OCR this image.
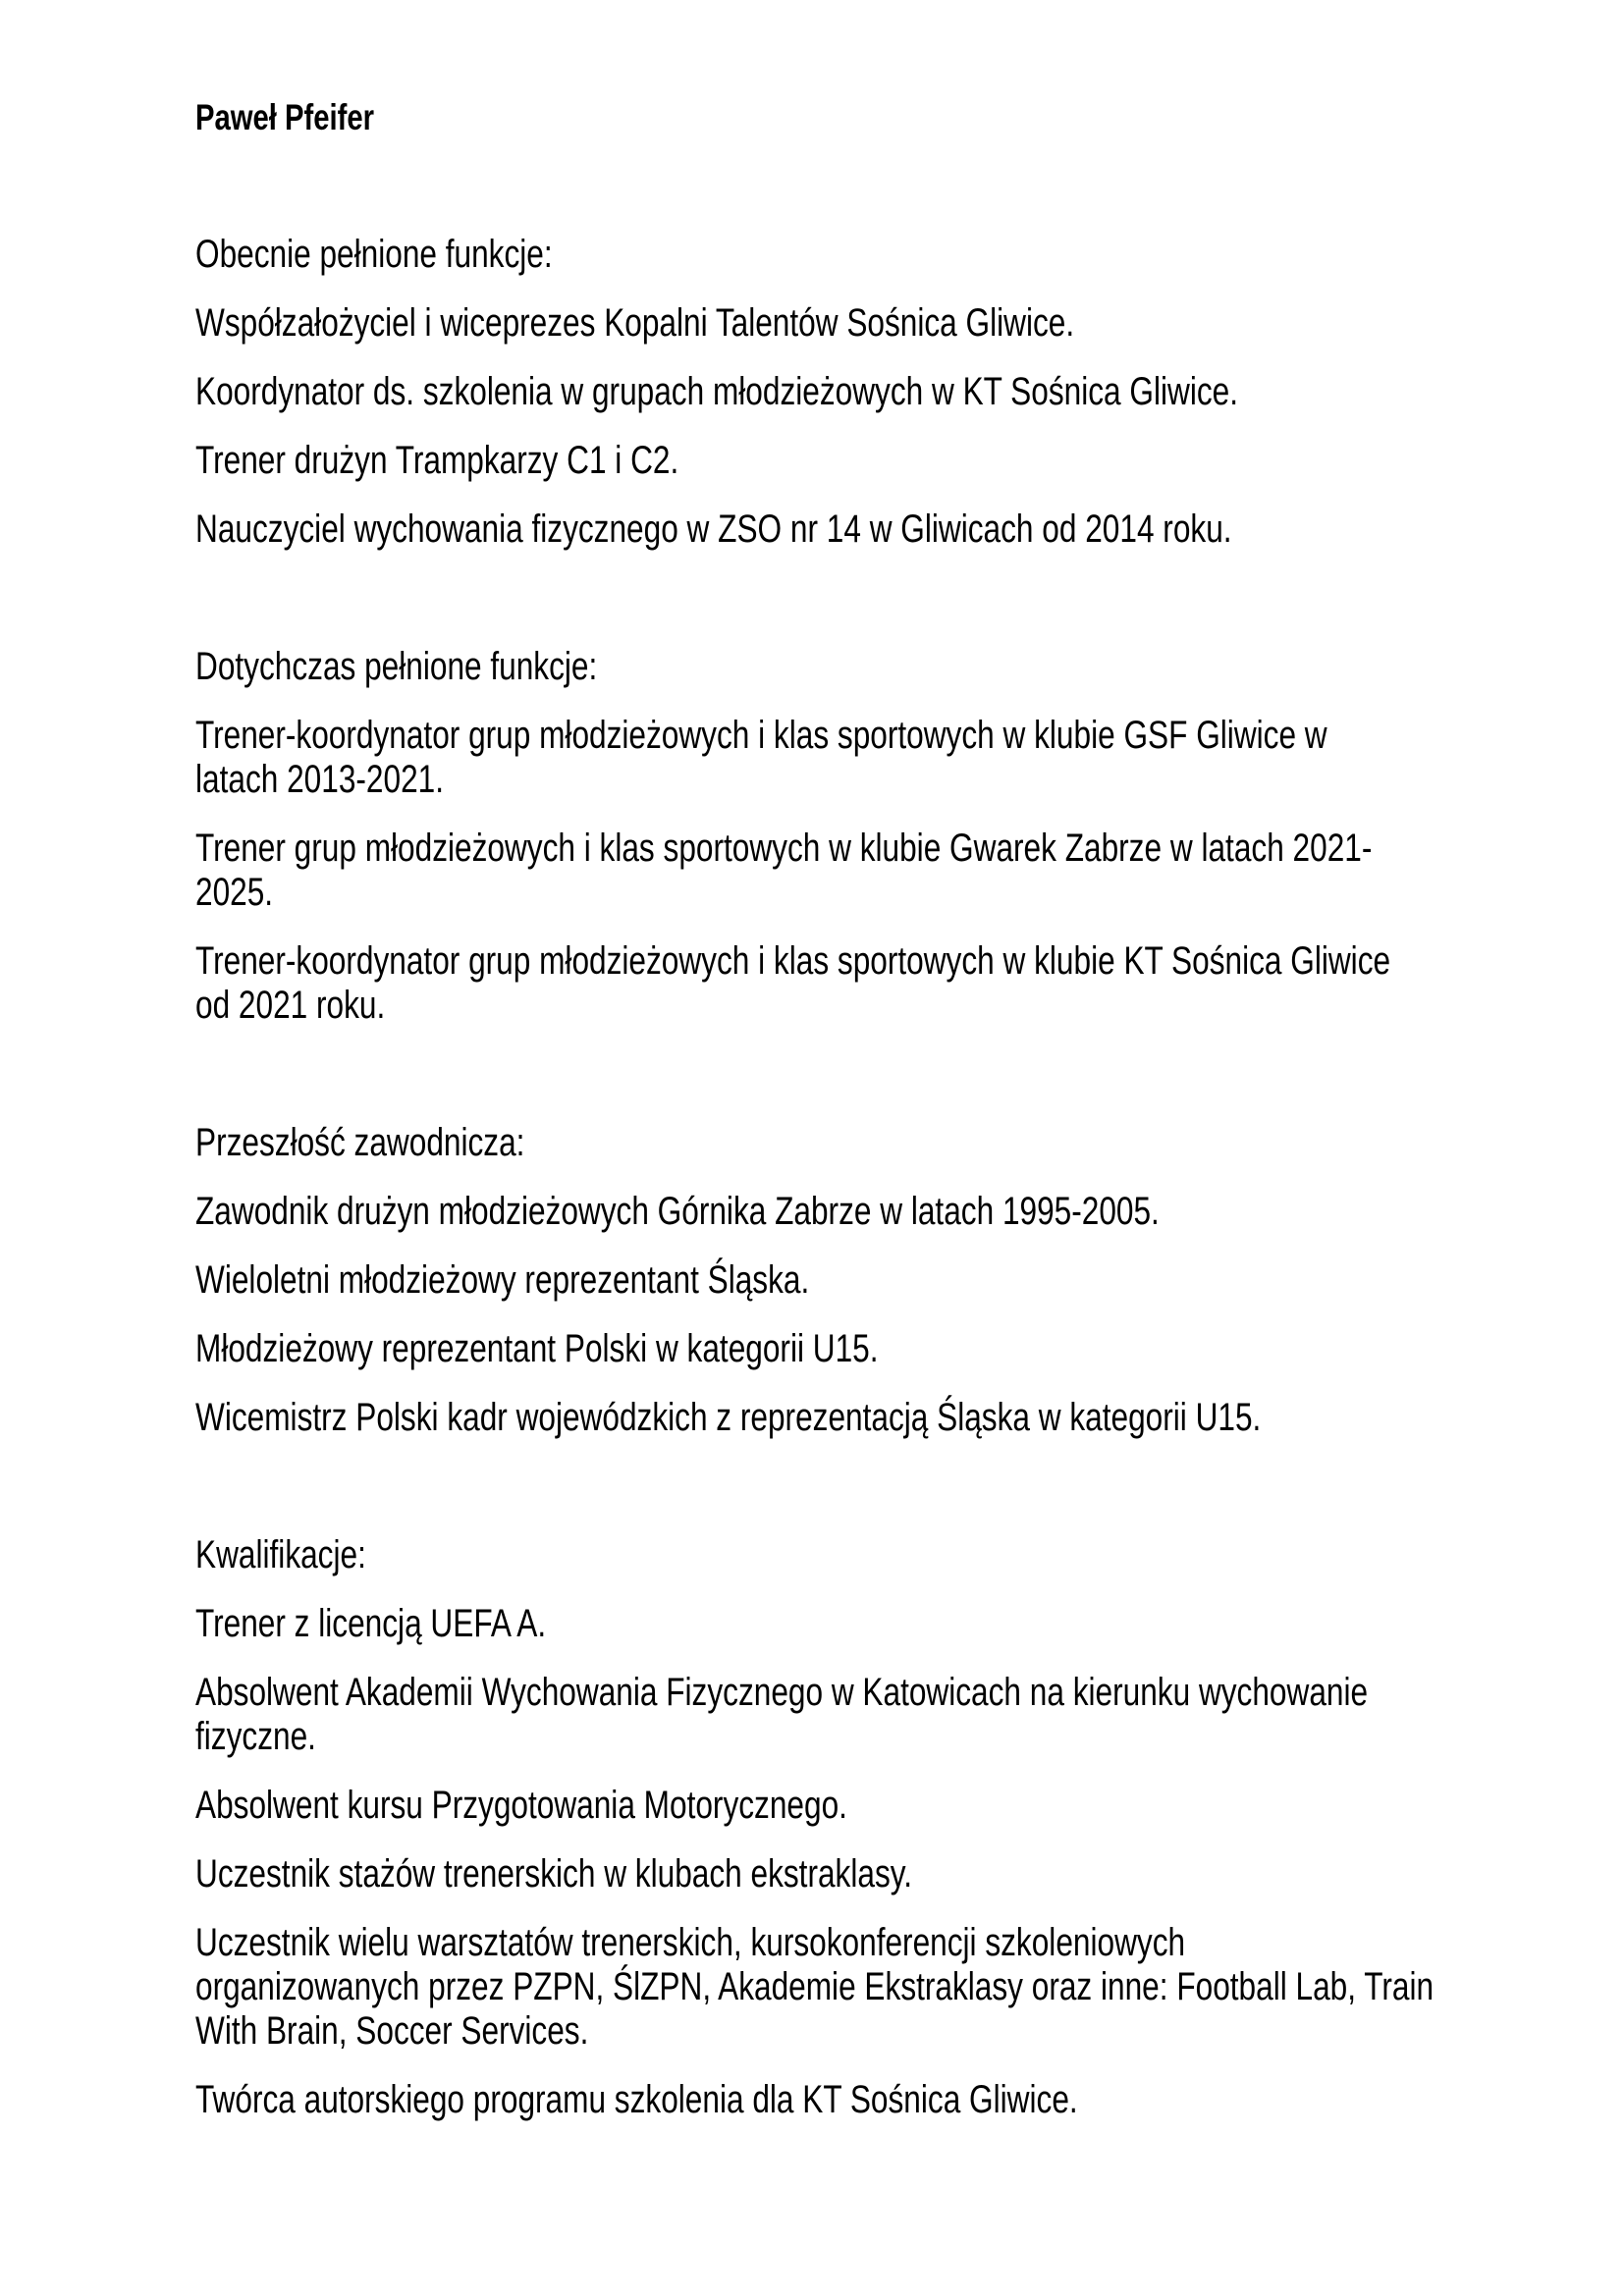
Paweł Pfeifer

Obecnie pełnione funkcje:

Współzałożyciel i wiceprezes Kopalni Talentów Sośnica Gliwice.

Koordynator ds. szkolenia w grupach młodzieżowych w KT Sośnica Gliwice.

Trener drużyn Trampkarzy C1 i C2.

Nauczyciel wychowania fizycznego w ZSO nr 14 w Gliwicach od 2014 roku.

Dotychczas pełnione funkcje:

Trener-koordynator grup młodzieżowych i klas sportowych w klubie GSF Gliwice w
latach 2013-2021.

Trener grup młodzieżowych i klas sportowych w klubie Gwarek Zabrze w latach 2021-
2025.

Trener-koordynator grup młodzieżowych i klas sportowych w klubie KT Sośnica Gliwice
od 2021 roku.

Przeszłość zawodnicza:

Zawodnik drużyn młodzieżowych Górnika Zabrze w latach 1995-2005.

Wieloletni młodzieżowy reprezentant Śląska.

Młodzieżowy reprezentant Polski w kategorii U15.

Wicemistrz Polski kadr wojewódzkich z reprezentacją Śląska w kategorii U15.

Kwalifikacje:

Trener z licencją UEFA A.

Absolwent Akademii Wychowania Fizycznego w Katowicach na kierunku wychowanie
fizyczne.

Absolwent kursu Przygotowania Motorycznego.

Uczestnik stażów trenerskich w klubach ekstraklasy.

Uczestnik wielu warsztatów trenerskich, kursokonferencji szkoleniowych
organizowanych przez PZPN, ŚlZPN, Akademie Ekstraklasy oraz inne: Football Lab, Train
With Brain, Soccer Services.

Twórca autorskiego programu szkolenia dla KT Sośnica Gliwice.
